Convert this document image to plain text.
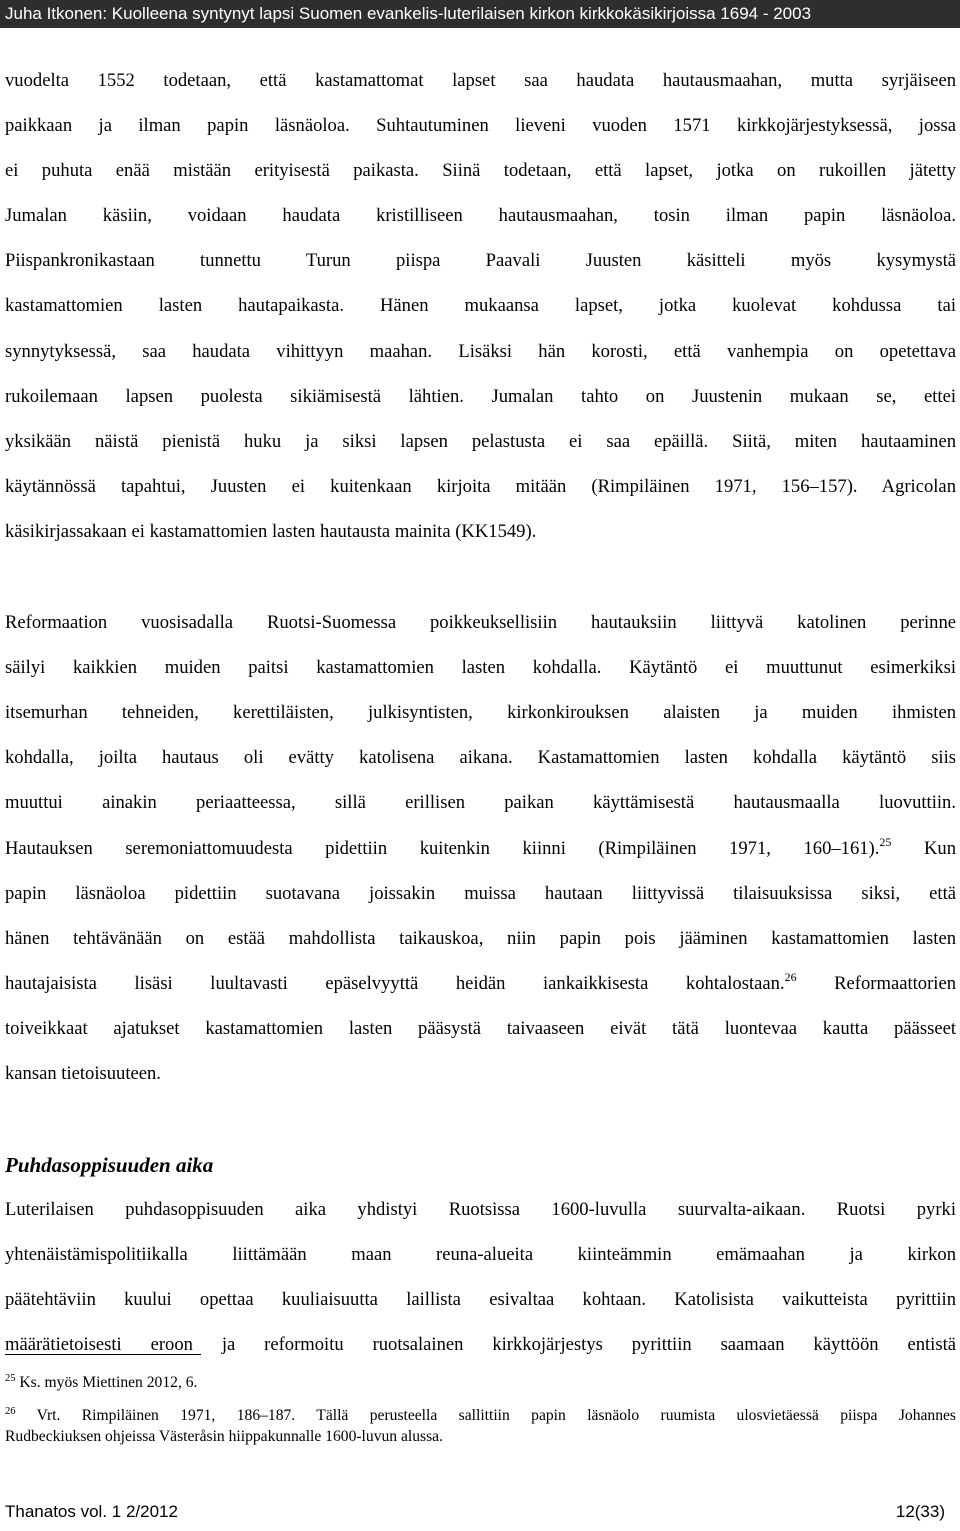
Juha Itkonen: Kuolleena syntynyt lapsi Suomen evankelis-luterilaisen kirkon kirkkokäsikirjoissa 1694 - 2003

vuodelta 1552 todetaan, että kastamattomat lapset saa haudata hautausmaahan, mutta syrjäiseen
paikkaan ja ilman papin läsnäoloa. Suhtautuminen lieveni vuoden 1571 kirkkojärjestyksessä, jossa
ei puhuta enää mistään erityisestä paikasta. Siinä todetaan, että lapset, jotka on rukoillen jätetty
Jumalan käsiin, voidaan haudata kristilliseen hautausmaahan, tosin ilman papin läsnäoloa.
Piispankronikastaan tunnettu Turun piispa Paavali Juusten käsitteli myös kysymystä
kastamattomien lasten hautapaikasta. Hänen mukaansa lapset, jotka kuolevat kohdussa tai
synnytyksessä, saa haudata vihittyyn maahan. Lisäksi hän korosti, että vanhempia on opetettava
rukoilemaan lapsen puolesta sikiämisestä lähtien. Jumalan tahto on Juustenin mukaan se, ettei
yksikään näistä pienistä huku ja siksi lapsen pelastusta ei saa epäillä. Siitä, miten hautaaminen
käytännössä tapahtui, Juusten ei kuitenkaan kirjoita mitään (Rimpiläinen 1971, 156–157). Agricolan
käsikirjassakaan ei kastamattomien lasten hautausta mainita (KK1549).

Reformaation vuosisadalla Ruotsi-Suomessa poikkeuksellisiin hautauksiin liittyvä katolinen perinne
säilyi kaikkien muiden paitsi kastamattomien lasten kohdalla. Käytäntö ei muuttunut esimerkiksi
itsemurhan tehneiden, kerettiläisten, julkisyntisten, kirkonkirouksen alaisten ja muiden ihmisten
kohdalla, joilta hautaus oli evätty katolisena aikana. Kastamattomien lasten kohdalla käytäntö siis
muuttui ainakin periaatteessa, sillä erillisen paikan käyttämisestä hautausmaalla luovuttiin.
Hautauksen seremoniattomuudesta pidettiin kuitenkin kiinni (Rimpiläinen 1971, 160–161).$^{25}$ Kun
papin läsnäoloa pidettiin suotavana joissakin muissa hautaan liittyvissä tilaisuuksissa siksi, että
hänen tehtävänään on estää mahdollista taikauskoa, niin papin pois jääminen kastamattomien lasten
hautajaisista lisäsi luultavasti epäselvyyttä heidän iankaikkisesta kohtalostaan.$^{26}$ Reformaattorien
toiveikkaat ajatukset kastamattomien lasten pääsystä taivaaseen eivät tätä luontevaa kautta päässeet
kansan tietoisuuteen.

Puhdasoppisuuden aika

Luterilaisen puhdasoppisuuden aika yhdistyi Ruotsissa 1600-luvulla suurvalta-aikaan. Ruotsi pyrki
yhtenäistämispolitiikalla liittämään maan reuna-alueita kiinteämmin emämaahan ja kirkon
päätehtäviin kuului opettaa kuuliaisuutta laillista esivaltaa kohtaan. Katolisista vaikutteista pyrittiin
määrätietoisesti eroon ja reformoitu ruotsalainen kirkkojärjestys pyrittiin saamaan käyttöön entistä

$^{25}$ Ks. myös Miettinen 2012, 6.

$^{26}$ Vrt. Rimpiläinen 1971, 186–187. Tällä perusteella sallittiin papin läsnäolo ruumista ulosvietäessä piispa Johannes
Rudbeckiuksen ohjeissa Västeråsin hiippakunnalle 1600-luvun alussa.

Thanatos vol. 1 2/2012	12(33)
